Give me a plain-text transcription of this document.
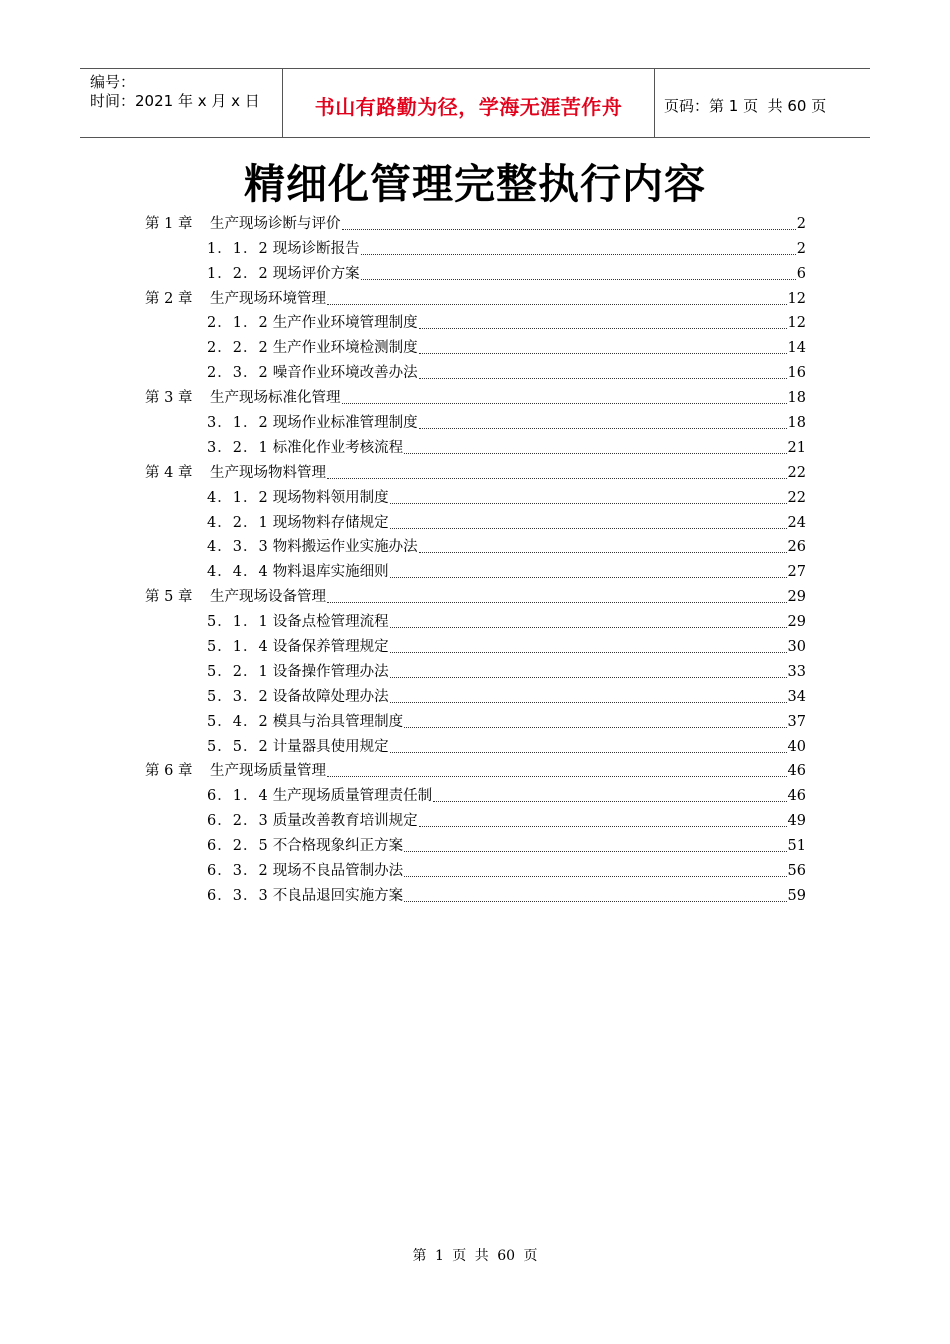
编号：
时间：2021 年 x 月 x 日	书山有路勤为径，学海无涯苦作舟	页码：第 1 页  共 60 页
精细化管理完整执行内容
第 1 章	生产现场诊断与评价	2
1．1．2 现场诊断报告	2
1．2．2 现场评价方案	6
第 2 章	生产现场环境管理	12
2．1．2 生产作业环境管理制度	12
2．2．2 生产作业环境检测制度	14
2．3．2 噪音作业环境改善办法	16
第 3 章	生产现场标准化管理	18
3．1．2 现场作业标准管理制度	18
3．2．1 标准化作业考核流程	21
第 4 章	生产现场物料管理	22
4．1．2 现场物料领用制度	22
4．2．1 现场物料存储规定	24
4．3．3 物料搬运作业实施办法	26
4．4．4 物料退库实施细则	27
第 5 章	生产现场设备管理	29
5．1．1 设备点检管理流程	29
5．1．4 设备保养管理规定	30
5．2．1 设备操作管理办法	33
5．3．2 设备故障处理办法	34
5．4．2 模具与治具管理制度	37
5．5．2 计量器具使用规定	40
第 6 章	生产现场质量管理	46
6．1．4 生产现场质量管理责任制	46
6．2．3 质量改善教育培训规定	49
6．2．5 不合格现象纠正方案	51
6．3．2 现场不良品管制办法	56
6．3．3 不良品退回实施方案	59
第 1 页 共 60 页
